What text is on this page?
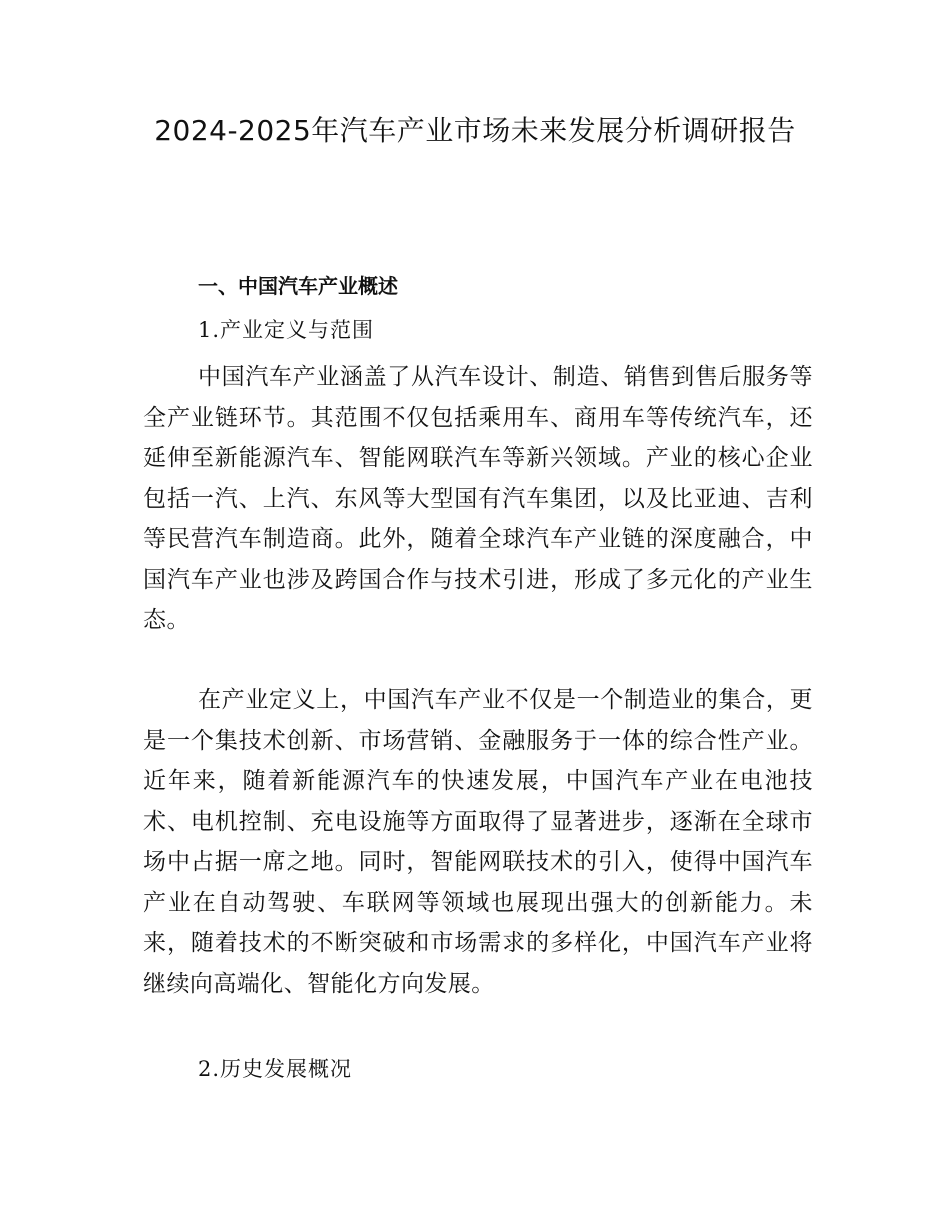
2024-2025年汽车产业市场未来发展分析调研报告
一、中国汽车产业概述
1.产业定义与范围

中国汽车产业涵盖了从汽车设计、制造、销售到售后服务等全产业链环节。其范围不仅包括乘用车、商用车等传统汽车，还延伸至新能源汽车、智能网联汽车等新兴领域。产业的核心企业包括一汽、上汽、东风等大型国有汽车集团，以及比亚迪、吉利等民营汽车制造商。此外，随着全球汽车产业链的深度融合，中国汽车产业也涉及跨国合作与技术引进，形成了多元化的产业生态。

在产业定义上，中国汽车产业不仅是一个制造业的集合，更是一个集技术创新、市场营销、金融服务于一体的综合性产业。近年来，随着新能源汽车的快速发展，中国汽车产业在电池技术、电机控制、充电设施等方面取得了显著进步，逐渐在全球市场中占据一席之地。同时，智能网联技术的引入，使得中国汽车产业在自动驾驶、车联网等领域也展现出强大的创新能力。未来，随着技术的不断突破和市场需求的多样化，中国汽车产业将继续向高端化、智能化方向发展。

2.历史发展概况
